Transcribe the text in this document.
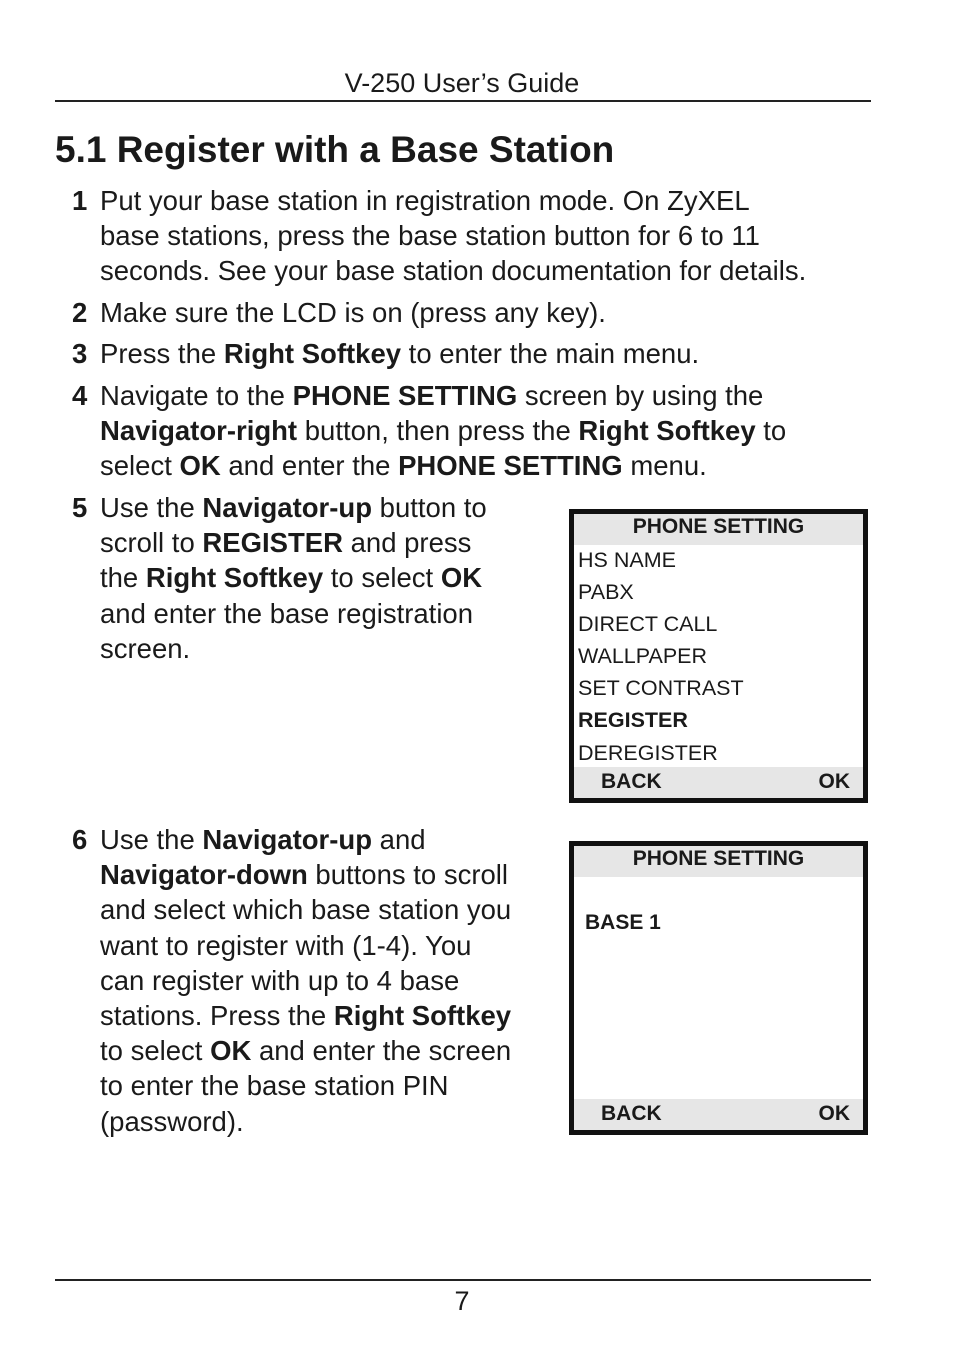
V-250 User’s Guide
5.1 Register with a Base Station
1 Put your base station in registration mode. On ZyXEL
base stations, press the base station button for 6 to 11
seconds. See your base station documentation for details.
2 Make sure the LCD is on (press any key).
3 Press the Right Softkey to enter the main menu.
4 Navigate to the PHONE SETTING screen by using the
Navigator-right button, then press the Right Softkey to
select OK and enter the PHONE SETTING menu.
5 Use the Navigator-up button to
scroll to REGISTER and press
the Right Softkey to select OK
and enter the base registration
screen.
6 Use the Navigator-up and
Navigator-down buttons to scroll
and select which base station you
want to register with (1-4). You
can register with up to 4 base
stations. Press the Right Softkey
to select OK and enter the screen
to enter the base station PIN
(password).
PHONE SETTING
HS NAME
PABX
DIRECT CALL
WALLPAPER
SET CONTRAST
REGISTER
DEREGISTER
BACK	OK
PHONE SETTING
BASE 1
BACK	OK
7
